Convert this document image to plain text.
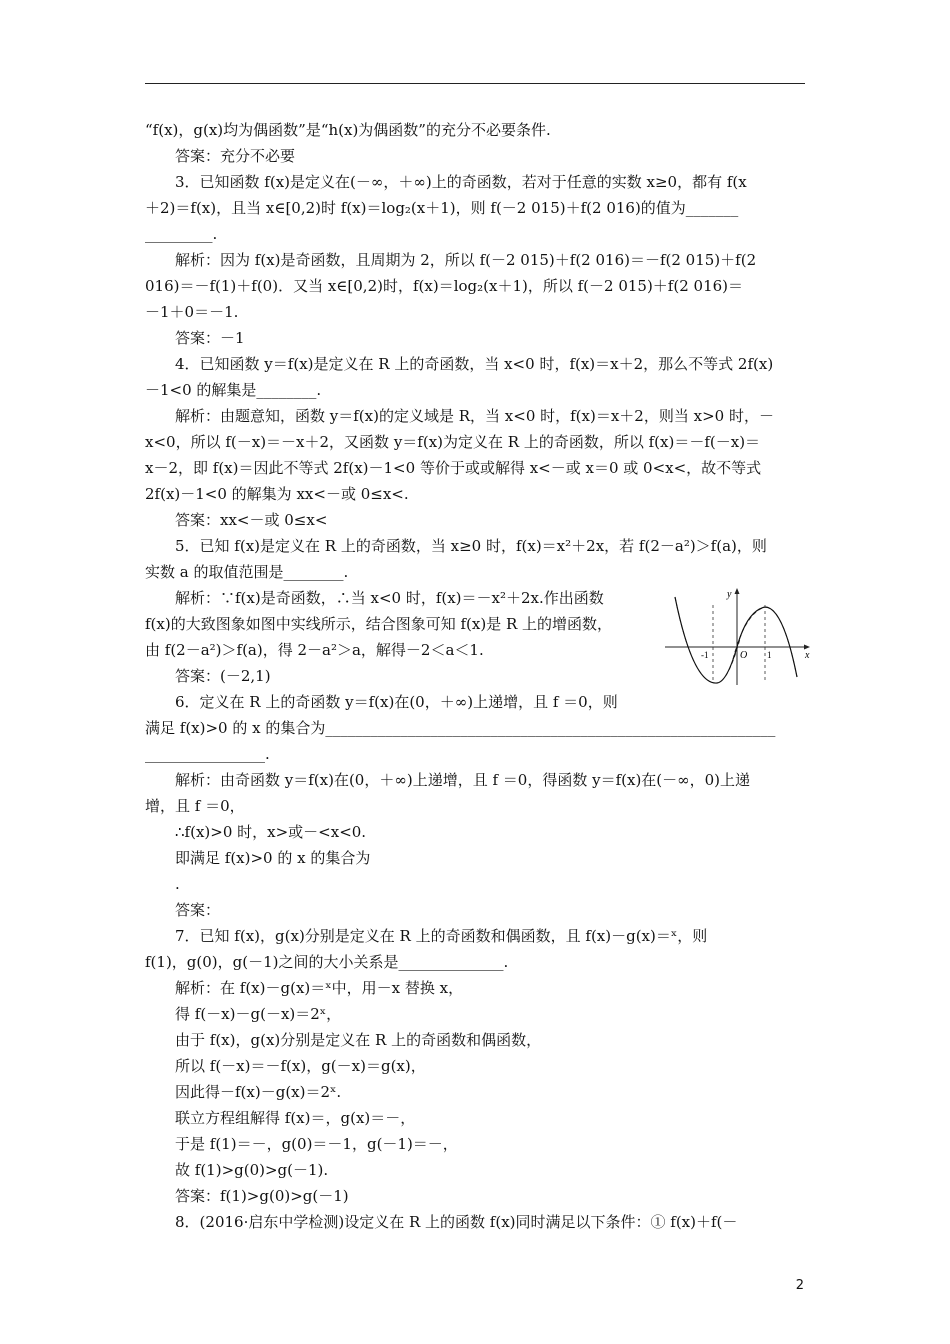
“f(x)，g(x)均为偶函数”是“h(x)为偶函数”的充分不必要条件.
答案：充分不必要
3．已知函数 f(x)是定义在(－∞，＋∞)上的奇函数，若对于任意的实数 x≥0，都有 f(x
＋2)＝f(x)，且当 x∈[0,2)时 f(x)＝log₂(x＋1)，则 f(－2 015)＋f(2 016)的值为_______
_________.
解析：因为 f(x)是奇函数，且周期为 2，所以 f(－2 015)＋f(2 016)＝－f(2 015)＋f(2
016)＝－f(1)＋f(0)．又当 x∈[0,2)时，f(x)＝log₂(x＋1)，所以 f(－2 015)＋f(2 016)＝
－1＋0＝－1.
答案：－1
4．已知函数 y＝f(x)是定义在 R 上的奇函数，当 x<0 时，f(x)＝x＋2，那么不等式 2f(x)
－1<0 的解集是________.
解析：由题意知，函数 y＝f(x)的定义域是 R，当 x<0 时，f(x)＝x＋2，则当 x>0 时，－
x<0，所以 f(－x)＝－x＋2，又函数 y＝f(x)为定义在 R 上的奇函数，所以 f(x)＝－f(－x)＝
x－2，即 f(x)＝因此不等式 2f(x)－1<0 等价于或或解得 x<－或 x＝0 或 0<x<，故不等式
2f(x)－1<0 的解集为 xx<－或 0≤x<.
答案：xx<－或 0≤x<
5．已知 f(x)是定义在 R 上的奇函数，当 x≥0 时，f(x)＝x²＋2x，若 f(2－a²)＞f(a)，则
实数 a 的取值范围是________.
解析：∵f(x)是奇函数，∴当 x<0 时，f(x)＝－x²＋2x.作出函数
f(x)的大致图象如图中实线所示，结合图象可知 f(x)是 R 上的增函数，
由 f(2－a²)＞f(a)，得 2－a²＞a，解得－2＜a＜1.
答案：(－2,1)
6．定义在 R 上的奇函数 y＝f(x)在(0，＋∞)上递增，且 f ＝0，则
满足 f(x)>0 的 x 的集合为____________________________________________________________
________________.
解析：由奇函数 y＝f(x)在(0，＋∞)上递增，且 f ＝0，得函数 y＝f(x)在(－∞，0)上递
增，且 f ＝0，
∴f(x)>0 时，x>或－<x<0.
即满足 f(x)>0 的 x 的集合为
.
答案：
7．已知 f(x)，g(x)分别是定义在 R 上的奇函数和偶函数，且 f(x)－g(x)＝ˣ，则
f(1)，g(0)，g(－1)之间的大小关系是______________.
解析：在 f(x)－g(x)＝ˣ中，用－x 替换 x，
得 f(－x)－g(－x)＝2ˣ，
由于 f(x)，g(x)分别是定义在 R 上的奇函数和偶函数，
所以 f(－x)＝－f(x)，g(－x)＝g(x)，
因此得－f(x)－g(x)＝2ˣ.
联立方程组解得 f(x)＝，g(x)＝－，
于是 f(1)＝－，g(0)＝－1，g(－1)＝－，
故 f(1)>g(0)>g(－1).
答案：f(1)>g(0)>g(－1)
8．(2016·启东中学检测)设定义在 R 上的函数 f(x)同时满足以下条件：① f(x)＋f(－
y
x
O
-1	1
2
